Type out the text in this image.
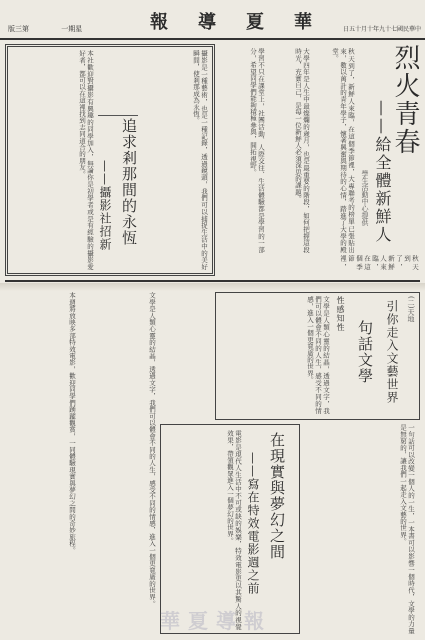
版三第	一期星	報導夏華 日五十月十年九十七國民華中
烈火青春
——給全體新鮮人
學生活動中心提供
秋天到了，新鮮人來臨，在這個季節裡，大專聯考的榜單已張貼出來，數以萬計的青年學子，懷著興奮與期待的心情，踏進了大學的殿堂。
大學四年是人生中最燦爛的歲月，也是最重要的階段，如何把握這段時光，充實自己，是每一位新鮮人必須深思的課題。
學習不只在課堂上，社團活動、人際交往、生活體驗都是學習的一部分，希望同學們能夠積極參與，開拓視野。
秋天到了，新鮮人來臨，在這個季節裡，
追求剎那間的永恆
——攝影社招新	攝影是一種藝術，也是一種記錄，透過鏡頭，我們可以捕捉生活中的美好瞬間，使剎那成為永恆。
本社歡迎對攝影有興趣的同學加入，無論你是初學者或是有經驗的攝影愛好者，都可以在這裡找到志同道合的朋友。
(二)天地
引你走入文藝世界
句話文學
性感知性
文學是人類心靈的結晶，透過文字，我們可以體會不同的人生，感受不同的情感，進入一個更寬廣的世界。
一句話可以改變一個人的一生，一本書可以影響一個時代，文學的力量是無窮的，讓我們一起走入文藝的世界。
在現實與夢幻之間
——寫在特效電影週之前
電影是現代人生活中不可或缺的娛樂，特效電影更以其驚人的視覺效果，帶領觀眾進入一個夢幻的世界。
本週將放映多部特效電影，歡迎同學們踴躍觀賞，一同體驗現實與夢幻之間的奇妙旅程。	文學是人類心靈的結晶，透過文字，我們可以體會不同的人生，感受不同的情感，進入一個更寬廣的世界。
華夏導報
